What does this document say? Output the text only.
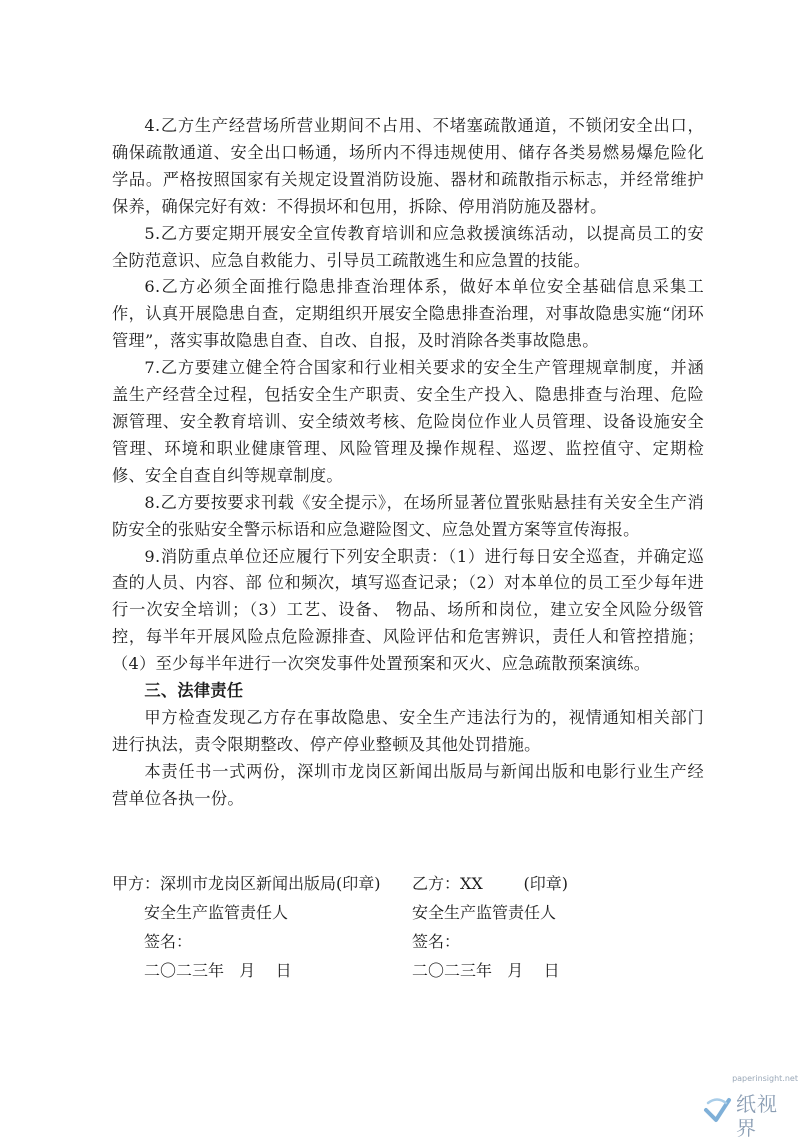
4.乙方生产经营场所营业期间不占用、不堵塞疏散通道，不锁闭安全出口，确保疏散通道、安全出口畅通，场所内不得违规使用、储存各类易燃易爆危险化学品。严格按照国家有关规定设置消防设施、器材和疏散指示标志，并经常维护保养，确保完好有效：不得损坏和包用，拆除、停用消防施及器材。

5.乙方要定期开展安全宣传教育培训和应急救援演练活动，以提高员工的安全防范意识、应急自救能力、引导员工疏散逃生和应急置的技能。

6.乙方必须全面推行隐患排查治理体系，做好本单位安全基础信息采集工作，认真开展隐患自查，定期组织开展安全隐患排查治理，对事故隐患实施“闭环管理”，落实事故隐患自查、自改、自报，及时消除各类事故隐患。

7.乙方要建立健全符合国家和行业相关要求的安全生产管理规章制度，并涵盖生产经营全过程，包括安全生产职责、安全生产投入、隐患排查与治理、危险源管理、安全教育培训、安全绩效考核、危险岗位作业人员管理、设备设施安全管理、环境和职业健康管理、风险管理及操作规程、巡逻、监控值守、定期检修、安全自查自纠等规章制度。

8.乙方要按要求刊载《安全提示》，在场所显著位置张贴悬挂有关安全生产消防安全的张贴安全警示标语和应急避险图文、应急处置方案等宣传海报。

9.消防重点单位还应履行下列安全职责：（1）进行每日安全巡查，并确定巡查的人员、内容、部 位和频次，填写巡查记录；（2）对本单位的员工至少每年进行一次安全培训；（3）工艺、设备、 物品、场所和岗位，建立安全风险分级管控，每半年开展风险点危险源排查、风险评估和危害辨识，责任人和管控措施；（4）至少每半年进行一次突发事件处置预案和灭火、应急疏散预案演练。

三、法律责任

甲方检查发现乙方存在事故隐患、安全生产违法行为的，视情通知相关部门进行执法，责令限期整改、停产停业整顿及其他处罚措施。

本责任书一式两份，深圳市龙岗区新闻出版局与新闻出版和电影行业生产经营单位各执一份。

甲方：深圳市龙岗区新闻出版局(印章)
安全生产监管责任人
签名：
二〇二三年   月    日
乙方：XX        (印章)
安全生产监管责任人
签名：
二〇二三年   月    日
paperinsight.net
纸视界
